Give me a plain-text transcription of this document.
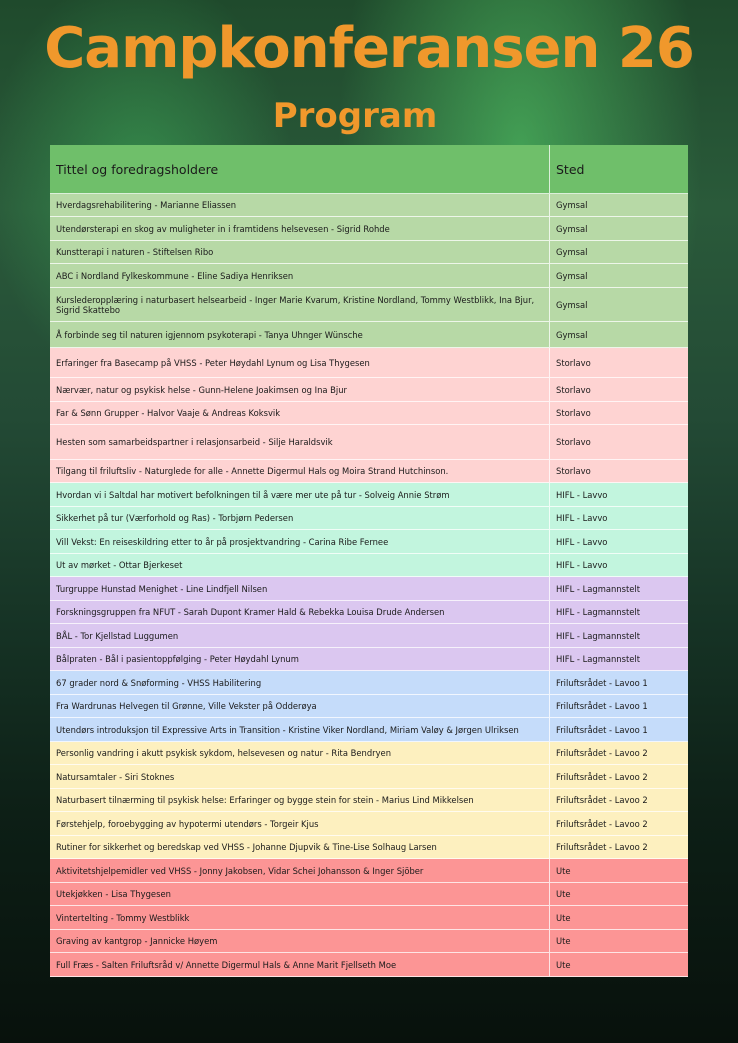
Campkonferansen 26
Program
Tittel og foredragsholdere	Sted
Hverdagsrehabilitering - Marianne Eliassen	Gymsal
Utendørsterapi en skog av muligheter in i framtidens helsevesen - Sigrid Rohde	Gymsal
Kunstterapi i naturen - Stiftelsen Ribo	Gymsal
ABC i Nordland Fylkeskommune - Eline Sadiya Henriksen	Gymsal
Kurslederopplæring i naturbasert helsearbeid - Inger Marie Kvarum, Kristine Nordland, Tommy Westblikk, Ina Bjur, Sigrid Skattebo	Gymsal
Å forbinde seg til naturen igjennom psykoterapi - Tanya Uhnger Wünsche	Gymsal
Erfaringer fra Basecamp på VHSS - Peter Høydahl Lynum og Lisa Thygesen	Storlavo
Nærvær, natur og psykisk helse - Gunn-Helene Joakimsen og Ina Bjur	Storlavo
Far & Sønn Grupper - Halvor Vaaje & Andreas Koksvik	Storlavo
Hesten som samarbeidspartner i relasjonsarbeid - Silje Haraldsvik	Storlavo
Tilgang til friluftsliv - Naturglede for alle - Annette Digermul Hals og Moira Strand Hutchinson.	Storlavo
Hvordan vi i Saltdal har motivert befolkningen til å være mer ute på tur - Solveig Annie Strøm	HIFL - Lavvo
Sikkerhet på tur (Værforhold og Ras) - Torbjørn Pedersen	HIFL - Lavvo
Vill Vekst: En reiseskildring etter to år på prosjektvandring - Carina Ribe Fernee	HIFL - Lavvo
Ut av mørket - Ottar Bjerkeset	HIFL - Lavvo
Turgruppe Hunstad Menighet - Line Lindfjell Nilsen	HIFL - Lagmannstelt
Forskningsgruppen fra NFUT - Sarah Dupont Kramer Hald & Rebekka Louisa Drude Andersen	HIFL - Lagmannstelt
BÅL - Tor Kjellstad Luggumen	HIFL - Lagmannstelt
Bålpraten - Bål i pasientoppfølging - Peter Høydahl Lynum	HIFL - Lagmannstelt
67 grader nord & Snøforming - VHSS Habilitering	Friluftsrådet - Lavoo 1
Fra Wardrunas Helvegen til Grønne, Ville Vekster på Odderøya	Friluftsrådet - Lavoo 1
Utendørs introduksjon til Expressive Arts in Transition - Kristine Viker Nordland, Miriam Valøy & Jørgen Ulriksen	Friluftsrådet - Lavoo 1
Personlig vandring i akutt psykisk sykdom, helsevesen og natur - Rita Bendryen	Friluftsrådet - Lavoo 2
Natursamtaler - Siri Stoknes	Friluftsrådet - Lavoo 2
Naturbasert tilnærming til psykisk helse: Erfaringer og bygge stein for stein - Marius Lind Mikkelsen	Friluftsrådet - Lavoo 2
Førstehjelp, foroebygging av hypotermi utendørs - Torgeir Kjus	Friluftsrådet - Lavoo 2
Rutiner for sikkerhet og beredskap ved VHSS - Johanne Djupvik & Tine-Lise Solhaug Larsen	Friluftsrådet - Lavoo 2
Aktivitetshjelpemidler ved VHSS - Jonny Jakobsen, Vidar Schei Johansson & Inger Sjöber	Ute
Utekjøkken - Lisa Thygesen	Ute
Vintertelting - Tommy Westblikk	Ute
Graving av kantgrop - Jannicke Høyem	Ute
Full Fræs - Salten Friluftsråd v/ Annette Digermul Hals & Anne Marit Fjellseth Moe	Ute
